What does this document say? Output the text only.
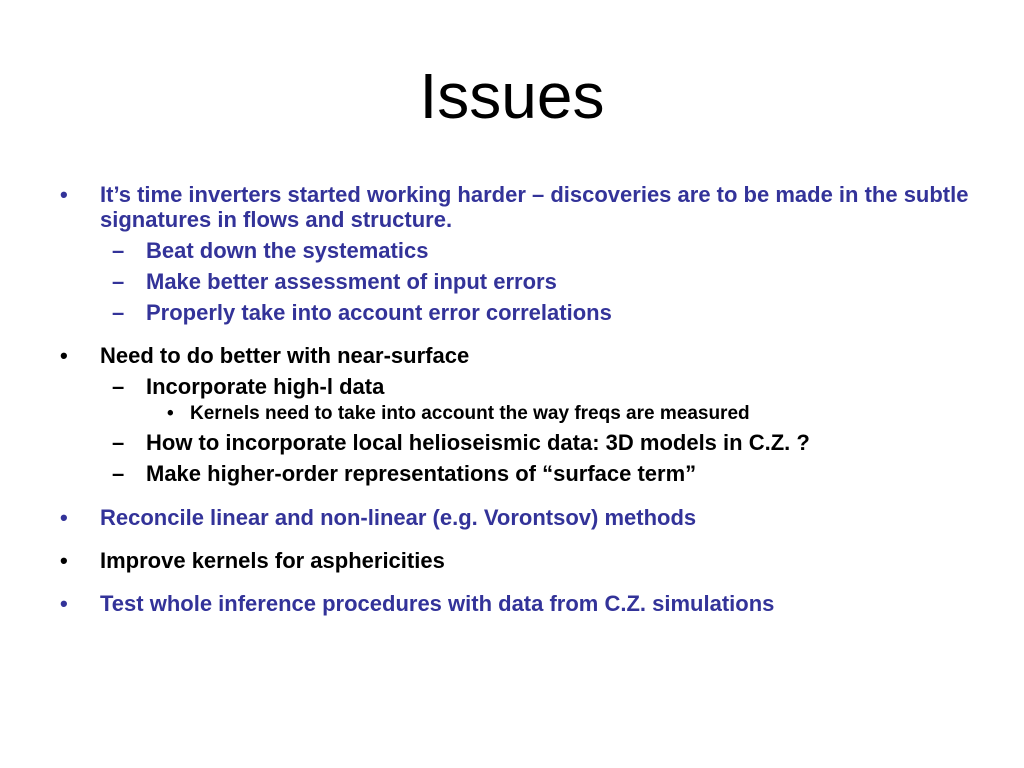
Issues
• It’s time inverters started working harder – discoveries are to be made in the subtle signatures in flows and structure.
– Beat down the systematics
– Make better assessment of input errors
– Properly take into account error correlations
• Need to do better with near-surface
– Incorporate high-l data
• Kernels need to take into account the way freqs are measured
– How to incorporate local helioseismic data: 3D models in C.Z. ?
– Make higher-order representations of “surface term”
• Reconcile linear and non-linear (e.g. Vorontsov) methods
• Improve kernels for asphericities
• Test whole inference procedures with data from C.Z. simulations
